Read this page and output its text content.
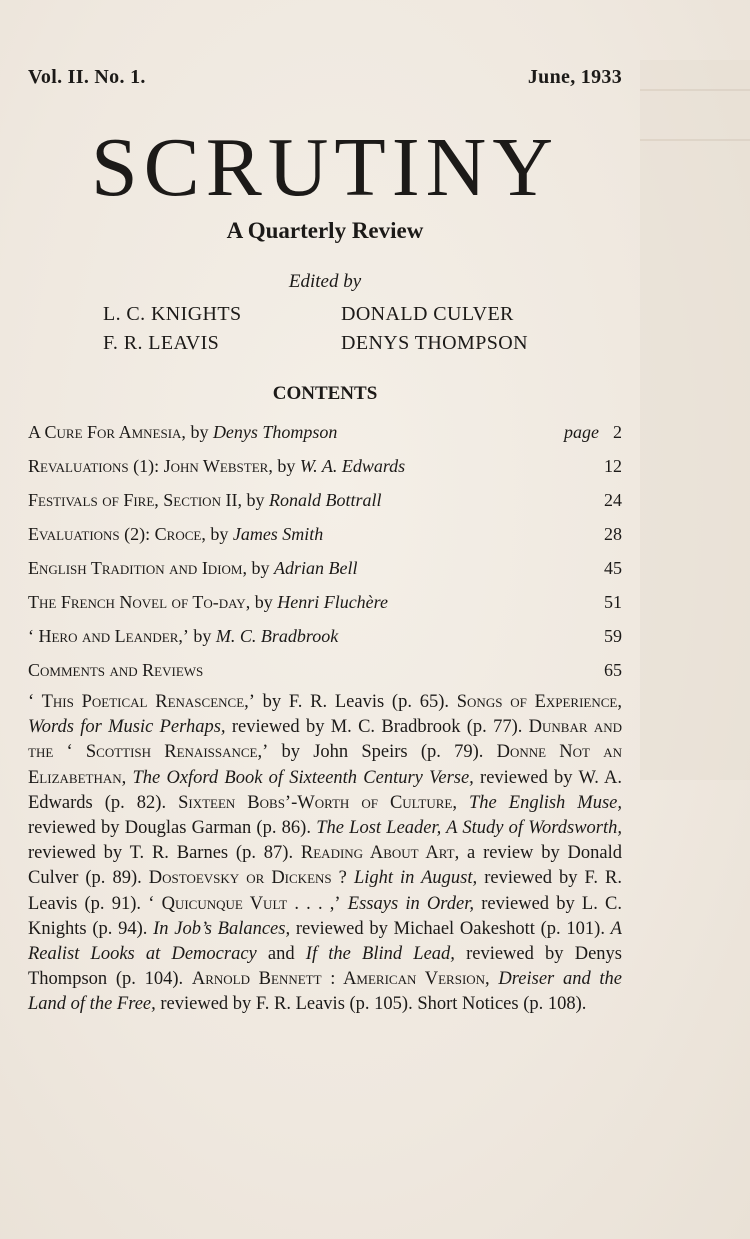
Vol. II. No. 1.	June, 1933
SCRUTINY
A Quarterly Review
Edited by
L. C. KNIGHTS	DONALD CULVER
F. R. LEAVIS	DENYS THOMPSON
CONTENTS
A Cure For Amnesia, by Denys Thompson	page 2
Revaluations (1): John Webster, by W. A. Edwards	12
Festivals of Fire, Section II, by Ronald Bottrall	24
Evaluations (2): Croce, by James Smith	28
English Tradition and Idiom, by Adrian Bell	45
The French Novel of To-day, by Henri Fluchère	51
‘ Hero and Leander,’ by M. C. Bradbrook	59
Comments and Reviews	65
‘ This Poetical Renascence,’ by F. R. Leavis (p. 65). Songs of Experience, Words for Music Perhaps, reviewed by M. C. Bradbrook (p. 77). Dunbar and the ‘ Scottish Renaissance,’ by John Speirs (p. 79). Donne Not an Elizabethan, The Oxford Book of Sixteenth Century Verse, reviewed by W. A. Edwards (p. 82). Sixteen Bobs’-Worth of Culture, The English Muse, reviewed by Douglas Garman (p. 86). The Lost Leader, A Study of Wordsworth, reviewed by T. R. Barnes (p. 87). Reading About Art, a review by Donald Culver (p. 89). Dostoevsky or Dickens ? Light in August, reviewed by F. R. Leavis (p. 91). ‘ Quicunque Vult . . . ,’ Essays in Order, reviewed by L. C. Knights (p. 94). In Job’s Balances, reviewed by Michael Oakeshott (p. 101). A Realist Looks at Democracy and If the Blind Lead, reviewed by Denys Thompson (p. 104). Arnold Bennett : American Version, Dreiser and the Land of the Free, reviewed by F. R. Leavis (p. 105). Short Notices (p. 108).
